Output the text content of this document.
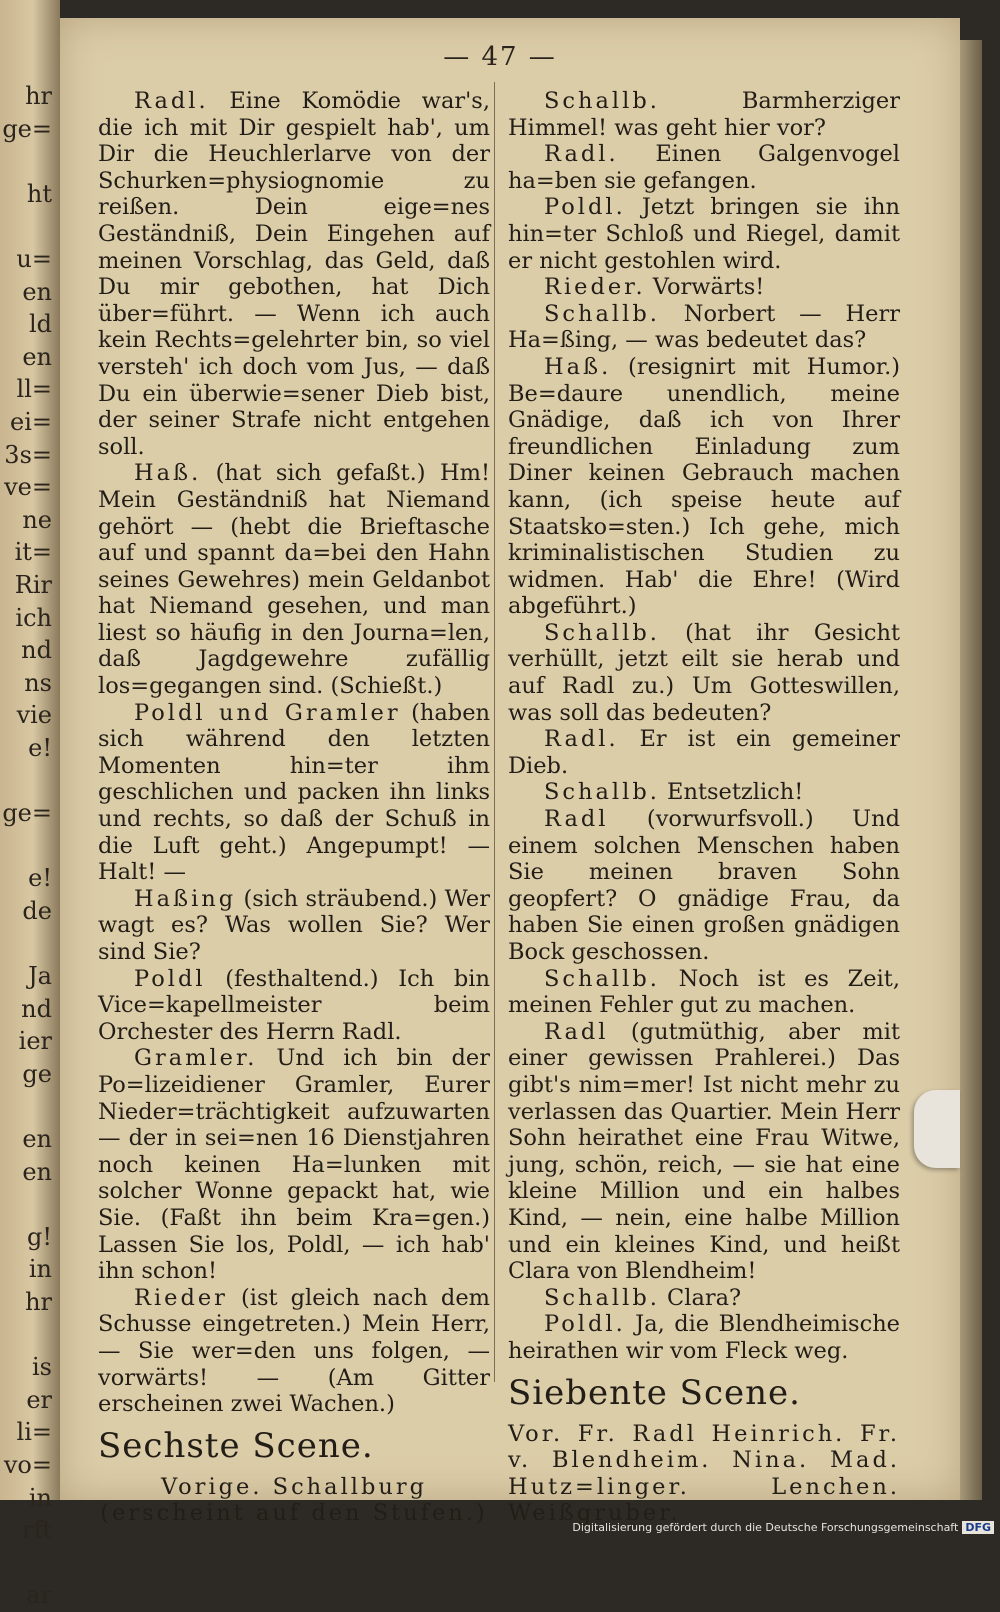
hr
ge=
ht
u=
en
ld
en
ll=
ei=
3s=
ve=
ne
it=
Rir
ich
nd
ns
vie
e!
ge=
e!
de
Ja
nd
ier
ge
en
en
g!
in
hr
is
er
li=
vo=
in
rft
ar
— 47 —

Radl. Eine Komödie war's, die ich mit Dir gespielt hab', um Dir die Heuchlerlarve von der Schurken=physiognomie zu reißen. Dein eige=nes Geständniß, Dein Eingehen auf meinen Vorschlag, das Geld, daß Du mir gebothen, hat Dich über=führt. — Wenn ich auch kein Rechts=gelehrter bin, so viel versteh' ich doch vom Jus, — daß Du ein überwie=sener Dieb bist, der seiner Strafe nicht entgehen soll.

Haß. (hat sich gefaßt.) Hm! Mein Geständniß hat Niemand gehört — (hebt die Brieftasche auf und spannt da=bei den Hahn seines Gewehres) mein Geldanbot hat Niemand gesehen, und man liest so häufig in den Journa=len, daß Jagdgewehre zufällig los=gegangen sind. (Schießt.)

Poldl und Gramler (haben sich während den letzten Momenten hin=ter ihm geschlichen und packen ihn links und rechts, so daß der Schuß in die Luft geht.) Angepumpt! — Halt! —

Haßing (sich sträubend.) Wer wagt es? Was wollen Sie? Wer sind Sie?

Poldl (festhaltend.) Ich bin Vice=kapellmeister beim Orchester des Herrn Radl.

Gramler. Und ich bin der Po=lizeidiener Gramler, Eurer Nieder=trächtigkeit aufzuwarten — der in sei=nen 16 Dienstjahren noch keinen Ha=lunken mit solcher Wonne gepackt hat, wie Sie. (Faßt ihn beim Kra=gen.) Lassen Sie los, Poldl, — ich hab' ihn schon!

Rieder (ist gleich nach dem Schusse eingetreten.) Mein Herr, — Sie wer=den uns folgen, — vorwärts! — (Am Gitter erscheinen zwei Wachen.)

Sechste Scene.

Vorige. Schallburg (erscheint auf den Stufen.)

Schallb. Barmherziger Himmel! was geht hier vor?

Radl. Einen Galgenvogel ha=ben sie gefangen.

Poldl. Jetzt bringen sie ihn hin=ter Schloß und Riegel, damit er nicht gestohlen wird.

Rieder. Vorwärts!

Schallb. Norbert — Herr Ha=ßing, — was bedeutet das?

Haß. (resignirt mit Humor.) Be=daure unendlich, meine Gnädige, daß ich von Ihrer freundlichen Einladung zum Diner keinen Gebrauch machen kann, (ich speise heute auf Staatsko=sten.) Ich gehe, mich kriminalistischen Studien zu widmen. Hab' die Ehre! (Wird abgeführt.)

Schallb. (hat ihr Gesicht verhüllt, jetzt eilt sie herab und auf Radl zu.) Um Gotteswillen, was soll das bedeuten?

Radl. Er ist ein gemeiner Dieb.

Schallb. Entsetzlich!

Radl (vorwurfsvoll.) Und einem solchen Menschen haben Sie meinen braven Sohn geopfert? O gnädige Frau, da haben Sie einen großen gnädigen Bock geschossen.

Schallb. Noch ist es Zeit, meinen Fehler gut zu machen.

Radl (gutmüthig, aber mit einer gewissen Prahlerei.) Das gibt's nim=mer! Ist nicht mehr zu verlassen das Quartier. Mein Herr Sohn heirathet eine Frau Witwe, jung, schön, reich, — sie hat eine kleine Million und ein halbes Kind, — nein, eine halbe Million und ein kleines Kind, und heißt Clara von Blendheim!

Schallb. Clara?

Poldl. Ja, die Blendheimische heirathen wir vom Fleck weg.

Siebente Scene.

Vor. Fr. Radl Heinrich. Fr. v. Blendheim. Nina. Mad. Hutz=linger. Lenchen. Weißgruber.

Digitalisierung gefördert durch die Deutsche Forschungsgemeinschaft DFG
